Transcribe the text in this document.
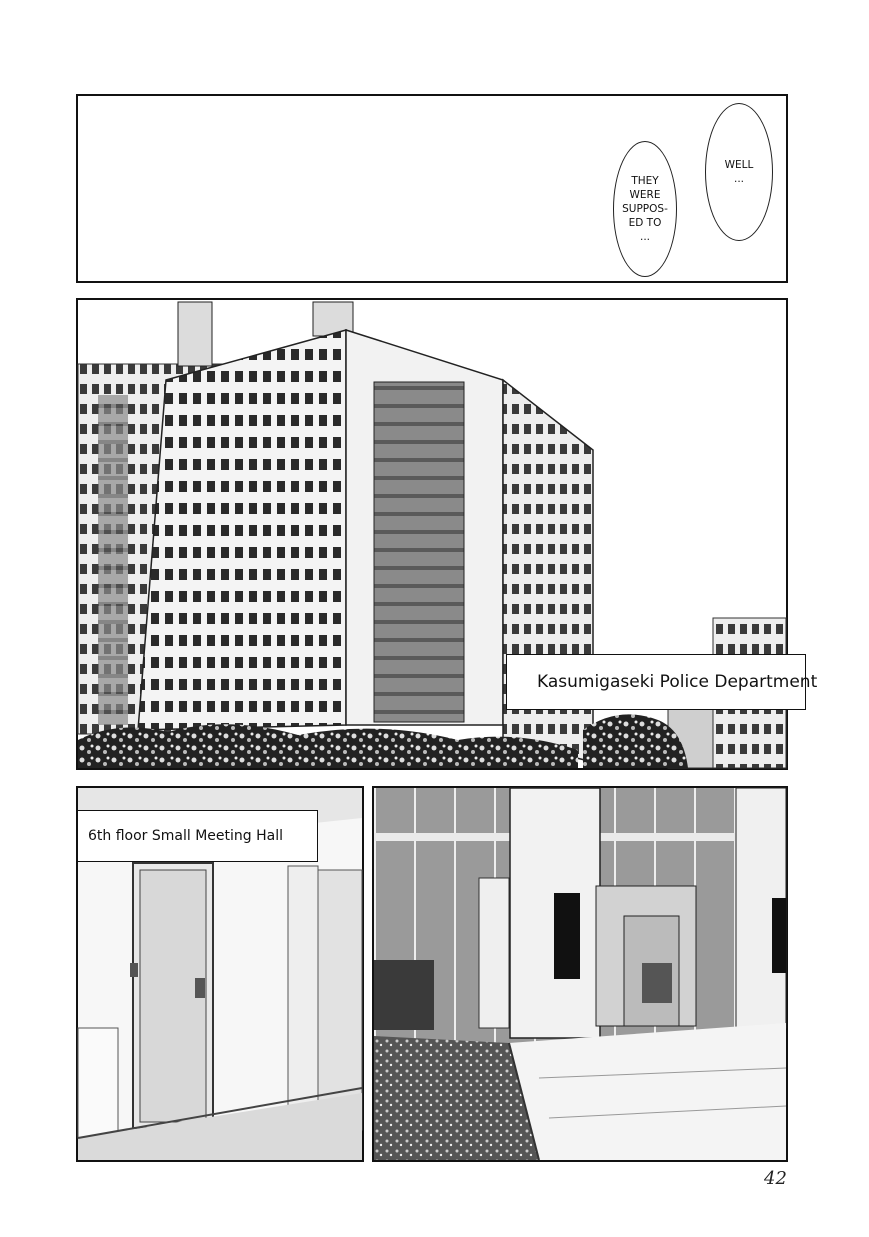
THEY
WERE
SUPPOS-
ED TO
...
WELL
...
Kasumigaseki Police Department
6th floor Small Meeting Hall
42
